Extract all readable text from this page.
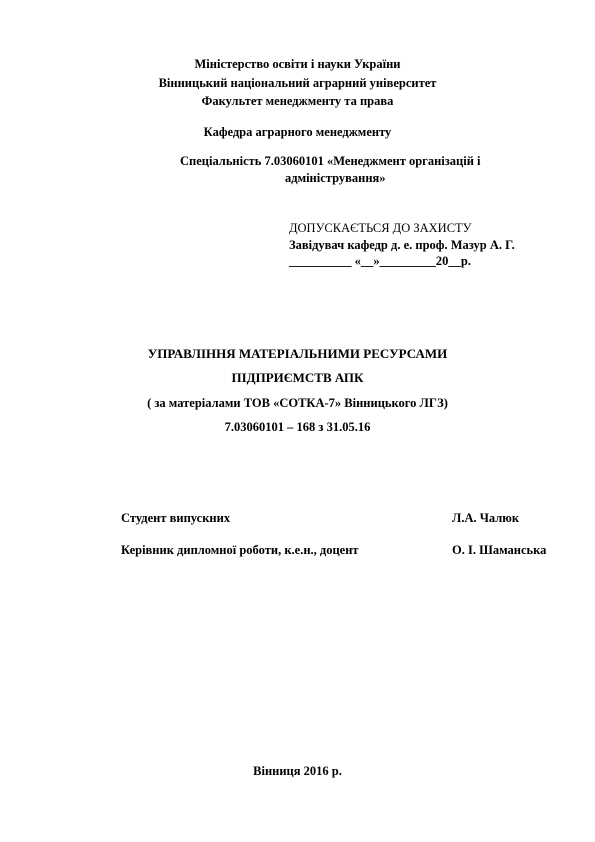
Міністерство освіти і науки України
Вінницький національний аграрний університет
Факультет менеджменту та права
Кафедра аграрного менеджменту
Спеціальність 7.03060101 «Менеджмент організацій і
адміністрування»
ДОПУСКАЄТЬСЯ ДО ЗАХИСТУ
Завідувач кафедр д. е. проф. Мазур А. Г.
__________ «__»_________20__р.
УПРАВЛІННЯ МАТЕРІАЛЬНИМИ РЕСУРСАМИ
ПІДПРИЄМСТВ АПК
( за матеріалами ТОВ «СОТКА-7» Вінницького ЛГЗ)
7.03060101 – 168 з 31.05.16
Студент випускних	Л.А. Чалюк
Керівник дипломної роботи, к.е.н., доцент	О. І. Шаманська
Вінниця 2016 р.
